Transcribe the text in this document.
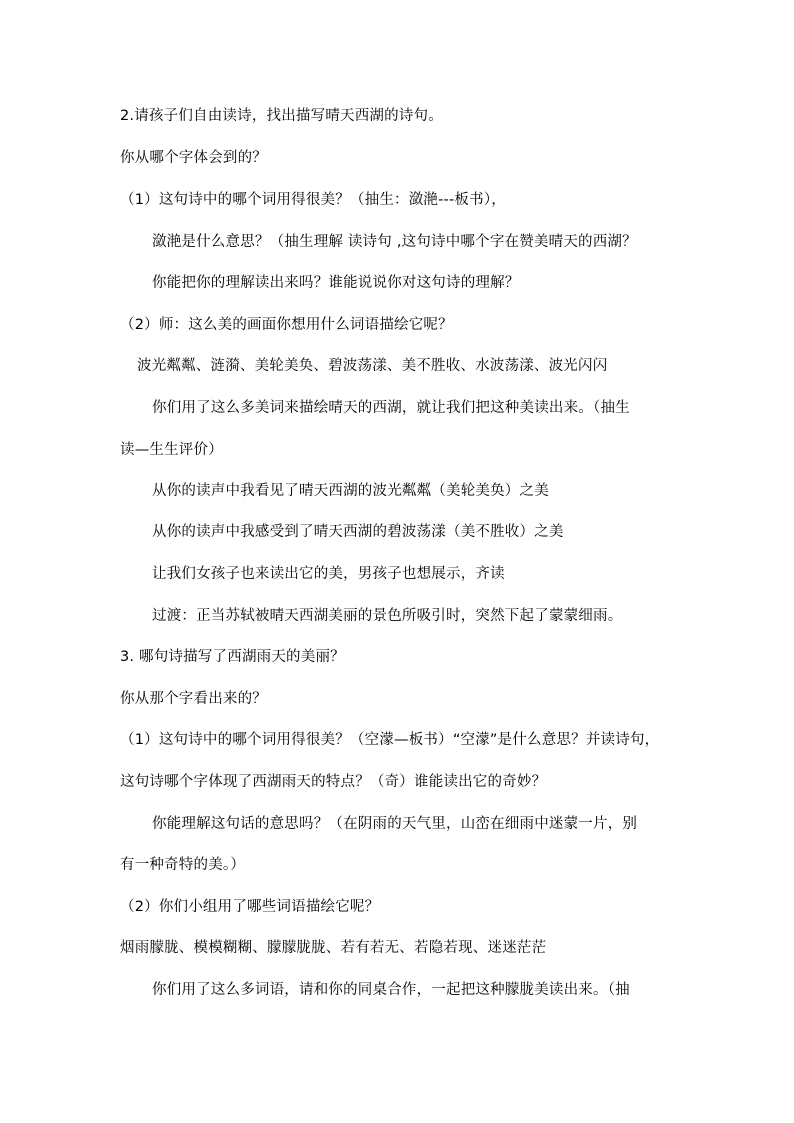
2.请孩子们自由读诗，找出描写晴天西湖的诗句。
你从哪个字体会到的？
（1）这句诗中的哪个词用得很美？（抽生：潋滟---板书），
潋滟是什么意思？（抽生理解 读诗句 ,这句诗中哪个字在赞美晴天的西湖？
你能把你的理解读出来吗？谁能说说你对这句诗的理解？
（2）师：这么美的画面你想用什么词语描绘它呢？
波光粼粼、涟漪、美轮美奂、碧波荡漾、美不胜收、水波荡漾、波光闪闪
你们用了这么多美词来描绘晴天的西湖，就让我们把这种美读出来。（抽生
读—生生评价）
从你的读声中我看见了晴天西湖的波光粼粼（美轮美奂）之美
从你的读声中我感受到了晴天西湖的碧波荡漾（美不胜收）之美
让我们女孩子也来读出它的美，男孩子也想展示，齐读
过渡：正当苏轼被晴天西湖美丽的景色所吸引时，突然下起了蒙蒙细雨。
3. 哪句诗描写了西湖雨天的美丽？
你从那个字看出来的？
（1）这句诗中的哪个词用得很美？（空濛—板书）“空濛”是什么意思？并读诗句，
这句诗哪个字体现了西湖雨天的特点？（奇）谁能读出它的奇妙？
你能理解这句话的意思吗？（在阴雨的天气里，山峦在细雨中迷蒙一片，别
有一种奇特的美。）
（2）你们小组用了哪些词语描绘它呢？
烟雨朦胧、模模糊糊、朦朦胧胧、若有若无、若隐若现、迷迷茫茫
你们用了这么多词语，请和你的同桌合作，一起把这种朦胧美读出来。（抽
